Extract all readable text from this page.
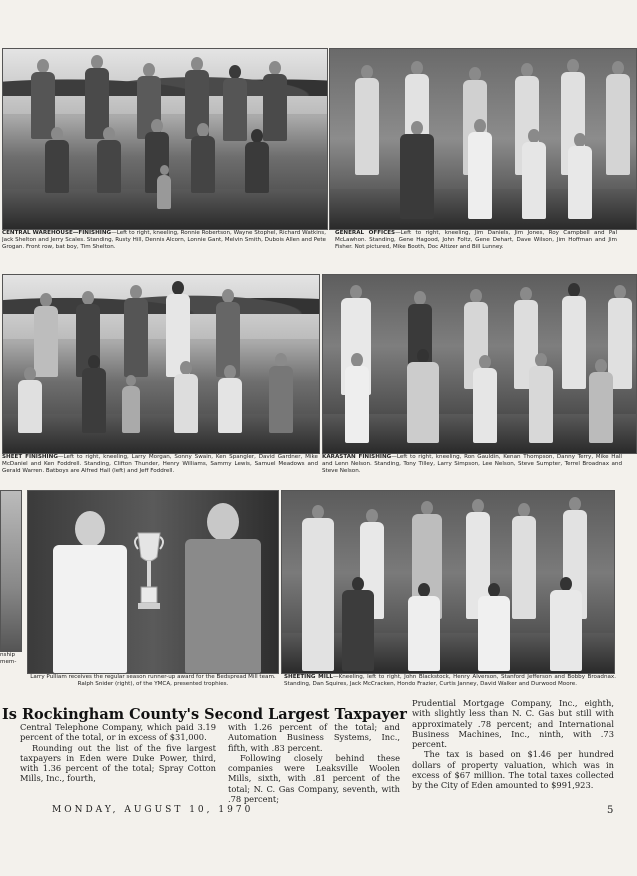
CENTRAL WAREHOUSE—FINISHING—Left to right, kneeling, Ronnie Robertson, Wayne Stophel, Richard Watkins, Jack Shelton and Jerry Scales. Standing, Rusty Hill, Dennis Alcorn, Lonnie Gant, Melvin Smith, Dubois Allen and Pete Grogan. Front row, bat boy, Tim Shelton.
GENERAL OFFICES—Left to right, kneeling, Jim Daniels, Jim Jones, Roy Campbell and Pal McLawhon. Standing, Gene Hagood, John Foltz, Gene Dehart, Dave Wilson, Jim Hoffman and Jim Fisher. Not pictured, Mike Booth, Doc Altizer and Bill Lunney.
SHEET FINISHING—Left to right, kneeling, Larry Morgan, Sonny Swain, Ken Spangler, David Gardner, Mike McDaniel and Ken Foddrell. Standing, Clifton Thunder, Henry Williams, Sammy Lewis, Samuel Meadows and Gerald Warren. Batboys are Alfred Hall (left) and Jeff Foddrell.
KARASTAN FINISHING—Left to right, kneeling, Ron Gauldin, Kenan Thompson, Danny Terry, Mike Hall and Lenn Nelson. Standing, Tony Tilley, Larry Simpson, Lee Nelson, Steve Sumpter, Terrel Broadnax and Steve Nelson.
nship mem-
Larry Pulliam receives the regular season runner-up award for the Bedspread Mill team. Ralph Snider (right), of the YMCA, presented trophies.
SHEETING MILL—Kneeling, left to right, John Blackstock, Henry Alverson, Stanford Jefferson and Bobby Broadnax. Standing, Dan Squires, Jack McCracken, Hondo Frazier, Curtis Janney, David Walker and Durwood Moore.
Is Rockingham County's Second Largest Taxpayer

Central Telephone Company, which paid 3.19 percent of the total, or in excess of $31,000.

Rounding out the list of the five largest taxpayers in Eden were Duke Power, third, with 1.36 percent of the total; Spray Cotton Mills, Inc., fourth,

with 1.26 percent of the total; and Automation Business Systems, Inc., fifth, with .83 percent.

Following closely behind these companies were Leaksville Woolen Mills, sixth, with .81 percent of the total; N. C. Gas Company, seventh, with .78 percent;

Prudential Mortgage Company, Inc., eighth, with slightly less than N. C. Gas but still with approximately .78 percent; and International Business Machines, Inc., ninth, with .73 percent.

The tax is based on $1.46 per hundred dollars of property valuation, which was in excess of $67 million. The total taxes collected by the City of Eden amounted to $991,923.

MONDAY, AUGUST 10, 1970	5
